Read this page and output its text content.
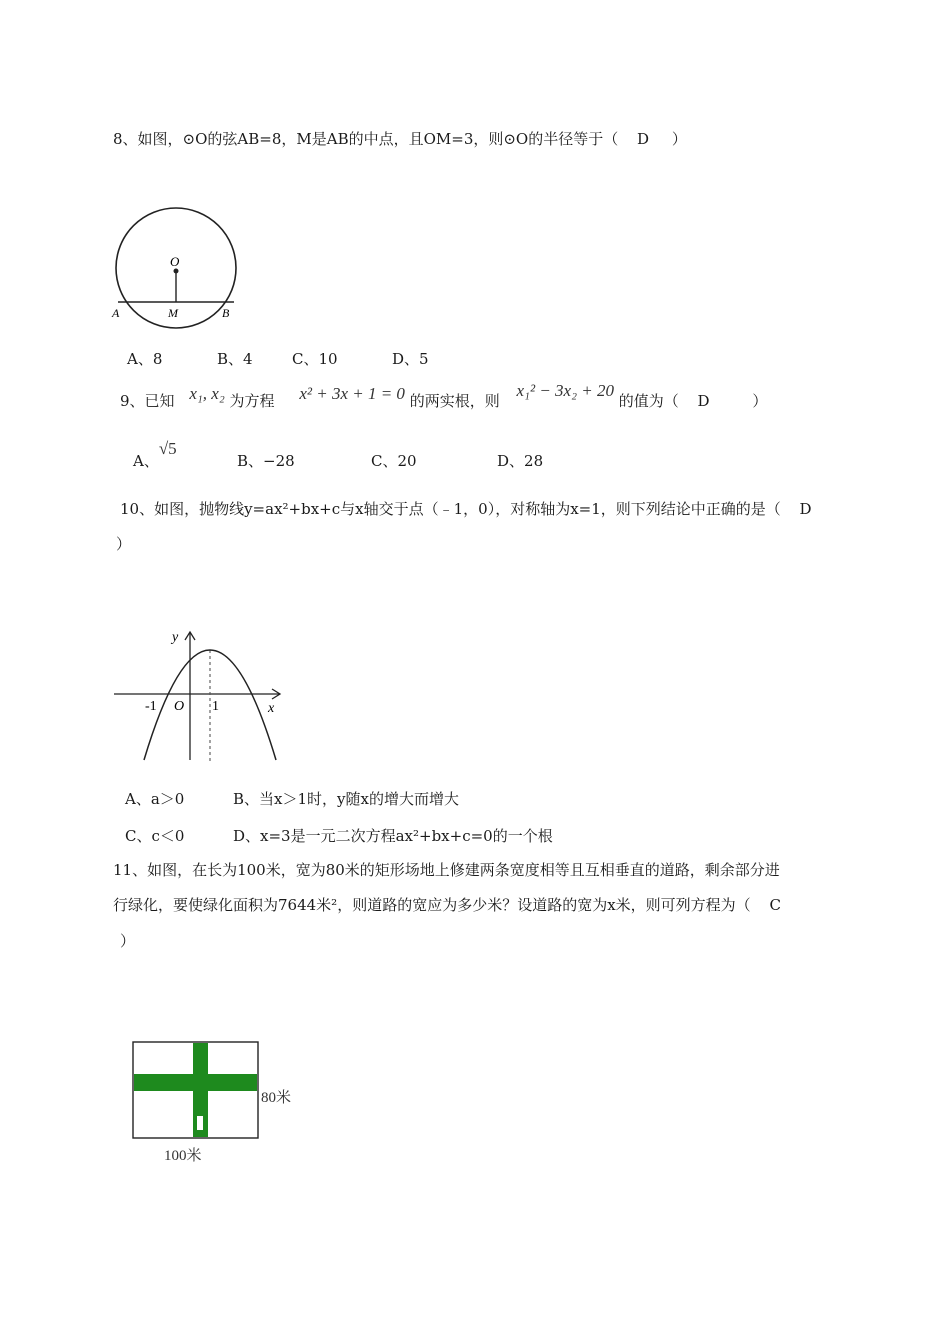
8、如图，⊙O的弦AB=8，M是AB的中点，且OM=3，则⊙O的半径等于（ D ）
O
A	M	B
A、8	B、4	C、10	D、5
9、已知 x₁, x₂ 为方程 x² + 3x + 1 = 0 的两实根，则 x₁² − 3x₂ + 20 的值为（ D	）
A、√5B、−28	C、20	D、28
10、如图，抛物线y=ax²+bx+c与x轴交于点（﹣1，0），对称轴为x=1，则下列结论中正确的是（ D
）
y
x
O
-1	1
A、a＞0	B、当x＞1时，y随x的增大而增大
C、c＜0	D、x=3是一元二次方程ax²+bx+c=0的一个根
11、如图，在长为100米，宽为80米的矩形场地上修建两条宽度相等且互相垂直的道路，剩余部分进
行绿化，要使绿化面积为7644米²，则道路的宽应为多少米？设道路的宽为x米，则可列方程为（ C
）
80米
100米
